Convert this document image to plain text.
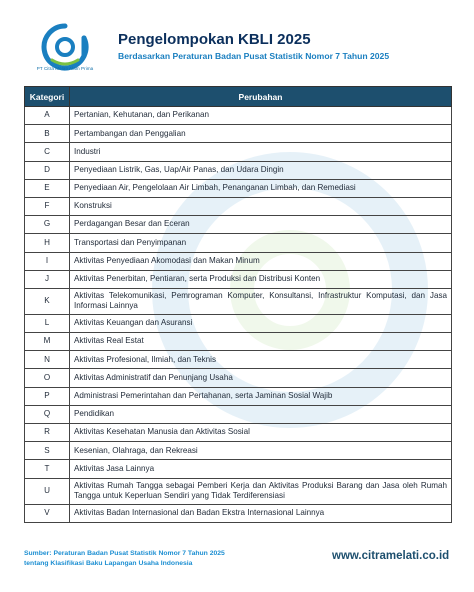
PT Citra Melati Alam Prima
Pengelompokan KBLI 2025
Berdasarkan Peraturan Badan Pusat Statistik Nomor 7 Tahun 2025
Kategori	Perubahan
A	Pertanian, Kehutanan, dan Perikanan
B	Pertambangan dan Penggalian
C	Industri
D	Penyediaan Listrik, Gas, Uap/Air Panas, dan Udara Dingin
E	Penyediaan Air, Pengelolaan Air Limbah, Penanganan Limbah, dan Remediasi
F	Konstruksi
G	Perdagangan Besar dan Eceran
H	Transportasi dan Penyimpanan
I	Aktivitas Penyediaan Akomodasi dan Makan Minum
J	Aktivitas Penerbitan, Pentiaran, serta Produksi dan Distribusi Konten
K	Aktivitas Telekomunikasi, Pemrograman Komputer, Konsultansi, Infrastruktur Komputasi, dan Jasa Informasi Lainnya
L	Aktivitas Keuangan dan Asuransi
M	Aktivitas Real Estat
N	Aktivitas Profesional, Ilmiah, dan Teknis
O	Aktivitas Administratif dan Penunjang Usaha
P	Administrasi Pemerintahan dan Pertahanan, serta Jaminan Sosial Wajib
Q	Pendidikan
R	Aktivitas Kesehatan Manusia dan Aktivitas Sosial
S	Kesenian, Olahraga, dan Rekreasi
T	Aktivitas Jasa Lainnya
U	Aktivitas Rumah Tangga sebagai Pemberi Kerja dan Aktivitas Produksi Barang dan Jasa oleh Rumah Tangga untuk Keperluan Sendiri yang Tidak Terdiferensiasi
V	Aktivitas Badan Internasional dan Badan Ekstra Internasional Lainnya
Sumber: Peraturan Badan Pusat Statistik Nomor 7 Tahun 2025
tentang Klasifikasi Baku Lapangan Usaha Indonesia
www.citramelati.co.id
